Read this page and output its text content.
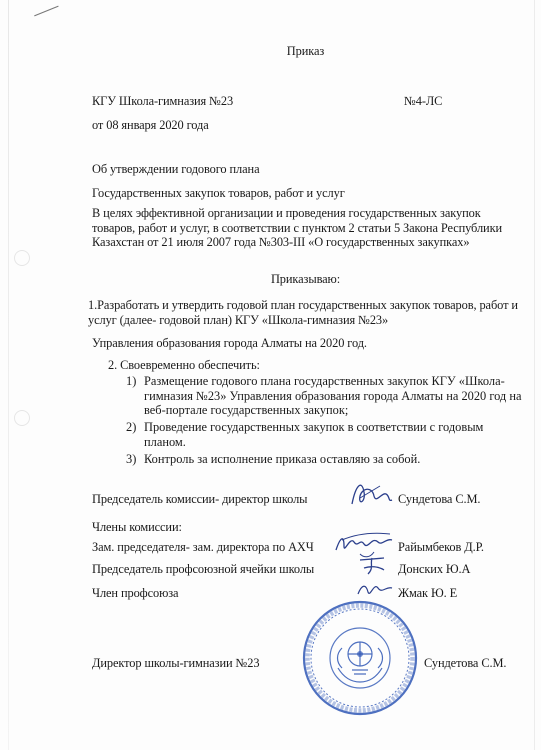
Приказ
КГУ Школа-гимназия №23	№4-ЛС
от 08 января 2020 года
Об утверждении годового плана
Государственных закупок товаров, работ и услуг
В целях эффективной организации и проведения государственных закупок товаров, работ и услуг, в соответствии с пунктом 2 статьи 5 Закона Республики Казахстан от 21 июля 2007 года №303-III «О государственных закупках»
Приказываю:
1.Разработать и утвердить годовой план государственных закупок товаров, работ и услуг (далее- годовой план) КГУ «Школа-гимназия №23»
Управления образования города Алматы на 2020 год.
2. Своевременно обеспечить:
1) Размещение годового плана государственных закупок КГУ «Школа-гимназия №23» Управления образования города Алматы на 2020 год на веб-портале государственных закупок;
2) Проведение государственных закупок в соответствии с годовым планом.
3) Контроль за исполнение приказа оставляю за собой.
Председатель комиссии- директор школы	Сундетова С.М.
Члены комиссии:
Зам. председателя- зам. директора по АХЧ	Райымбеков Д.Р.
Председатель профсоюзной ячейки школы	Донских Ю.А
Член профсоюза	Жмак Ю. Е
Директор школы-гимназии №23	Сундетова С.М.
